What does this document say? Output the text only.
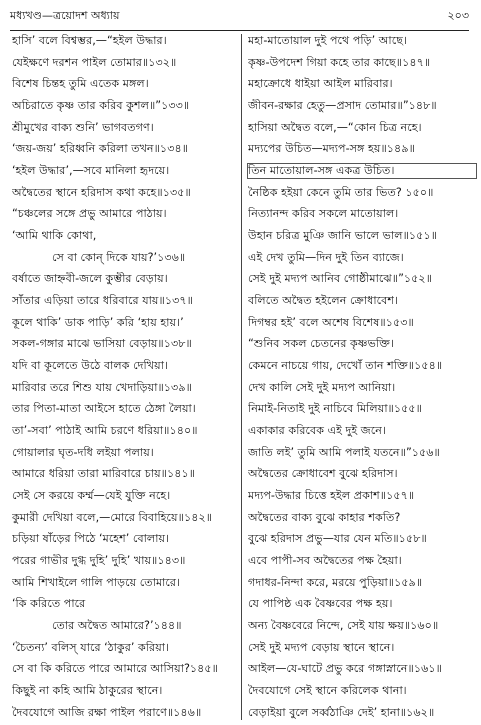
মধ্যখণ্ড—ত্রয়োদশ অধ্যায়	২০৩
হাসি’ বলে বিশ্বম্ভর,—“হইল উদ্ধার।
যেইক্ষণে দরশন পাইল তোমার॥১৩২॥
বিশেষ চিন্তহ তুমি এতেক মঙ্গল।
অচিরাতে কৃষ্ণ তার করিব কুশল॥”১৩৩॥
শ্রীমুখের বাক্য শুনি’ ভাগবতগণ।
‘জয়-জয়’ হরিধ্বনি করিলা তখন॥১৩৪॥
‘হইল উদ্ধার’,—সবে মানিলা হৃদয়ে।
অদ্বৈতের স্থানে হরিদাস কথা কহে॥১৩৫॥
“চঞ্চলের সঙ্গে প্রভু আমারে পাঠায়।
‘আমি থাকি কোথা,
সে বা কোন্ দিকে যায়?’১৩৬॥
বর্ষাতে জাহ্নবী-জলে কুম্ভীর বেড়ায়।
সাঁতার এড়িয়া তারে ধরিবারে যায়॥১৩৭॥
কূলে থাকি’ ডাক পাড়ি’ করি ‘হায় হায়।’
সকল-গঙ্গার মাঝে ভাসিয়া বেড়ায়॥১৩৮॥
যদি বা কূলেতে উঠে বালক দেখিয়া।
মারিবার তরে শিশু যায় খেদাড়িয়া॥১৩৯॥
তার পিতা-মাতা আইসে হাতে ঠেঙ্গা লৈয়া।
তা’-সবা’ পাঠাই আমি চরণে ধরিয়া॥১৪০॥
গোয়ালার ঘৃত-দধি লইয়া পলায়।
আমারে ধরিয়া তারা মারিবারে চায়॥১৪১॥
সেই সে করয়ে কর্ম্ম—যেই যুক্তি নহে।
কুমারী দেখিয়া বলে,—মোরে বিবাহিয়ে॥১৪২॥
চড়িয়া ষাঁড়ের পিঠে ‘মহেশ’ বোলায়।
পরের গাভীর দুগ্ধ দুহি’ দুহি’ খায়॥১৪৩॥
আমি শিখাইলে গালি পাড়য়ে তোমারে।
‘কি করিতে পারে
তোর অদ্বৈত আমারে?’১৪৪॥
‘চৈতন্য’ বলিস্ যারে ‘ঠাকুর’ করিয়া।
সে বা কি করিতে পারে আমারে আসিয়া?১৪৫॥
কিছুই না কহি আমি ঠাকুরের স্থানে।
দৈবযোগে আজি রক্ষা পাইল পরাণে॥১৪৬॥
মহা-মাতোয়াল দুই পথে পড়ি’ আছে।
কৃষ্ণ-উপদেশ গিয়া কহে তার কাছে॥১৪৭॥
মহাক্রোধে ধাইয়া আইল মারিবার।
জীবন-রক্ষার হেতু—প্রসাদ তোমার॥”১৪৮॥
হাসিয়া অদ্বৈত বলে,—“কোন চিত্র নহে।
মদ্যপের উচিত—মদ্যপ-সঙ্গ হয়॥১৪৯॥
তিন মাতোয়াল-সঙ্গ একত্র উচিত।
নৈষ্ঠিক হইয়া কেনে তুমি তার ভিত? ১৫০॥
নিত্যানন্দ করিব সকলে মাতোয়াল।
উহান চরিত্র মুঞি জানি ভালে ভাল॥১৫১॥
এই দেখ তুমি—দিন দুই তিন ব্যাজে।
সেই দুই মদ্যপ আনিব গোষ্ঠীমাঝে॥”১৫২॥
বলিতে অদ্বৈত হইলেন ক্রোধাবেশ।
দিগম্বর হই’ বলে অশেষ বিশেষ॥১৫৩॥
“শুনিব সকল চেতনের কৃষ্ণভক্তি।
কেমনে নাচয়ে গায়, দেখোঁ তান শক্তি॥১৫৪॥
দেখ কালি সেই দুই মদ্যপ আনিয়া।
নিমাই-নিতাই দুই নাচিবে মিলিয়া॥১৫৫॥
একাকার করিবেক এই দুই জনে।
জাতি লই’ তুমি আমি পলাই যতনে॥”১৫৬॥
অদ্বৈতের ক্রোধাবেশ বুঝে হরিদাস।
মদ্যপ-উদ্ধার চিত্তে হইল প্রকাশ॥১৫৭॥
অদ্বৈতের বাক্য বুঝে কাহার শকতি?
বুঝে হরিদাস প্রভু—যার যেন মতি॥১৫৮॥
এবে পাপী-সব অদ্বৈতের পক্ষ হৈয়া।
গদাধর-নিন্দা করে, মরয়ে পুড়িয়া॥১৫৯॥
যে পাপিষ্ঠ এক বৈষ্ণবের পক্ষ হয়।
অন্য বৈষ্ণবেরে নিন্দে, সেই যায় ক্ষয়॥১৬০॥
সেই দুই মদ্যপ বেড়ায় স্থানে স্থানে।
আইল—যে-ঘাটে প্রভু করে গঙ্গাস্নানে॥১৬১॥
দৈবযোগে সেই স্থানে করিলেক থানা।
বেড়াইয়া বুলে সর্ব্বঠাঞি দেই’ হানা॥১৬২॥
